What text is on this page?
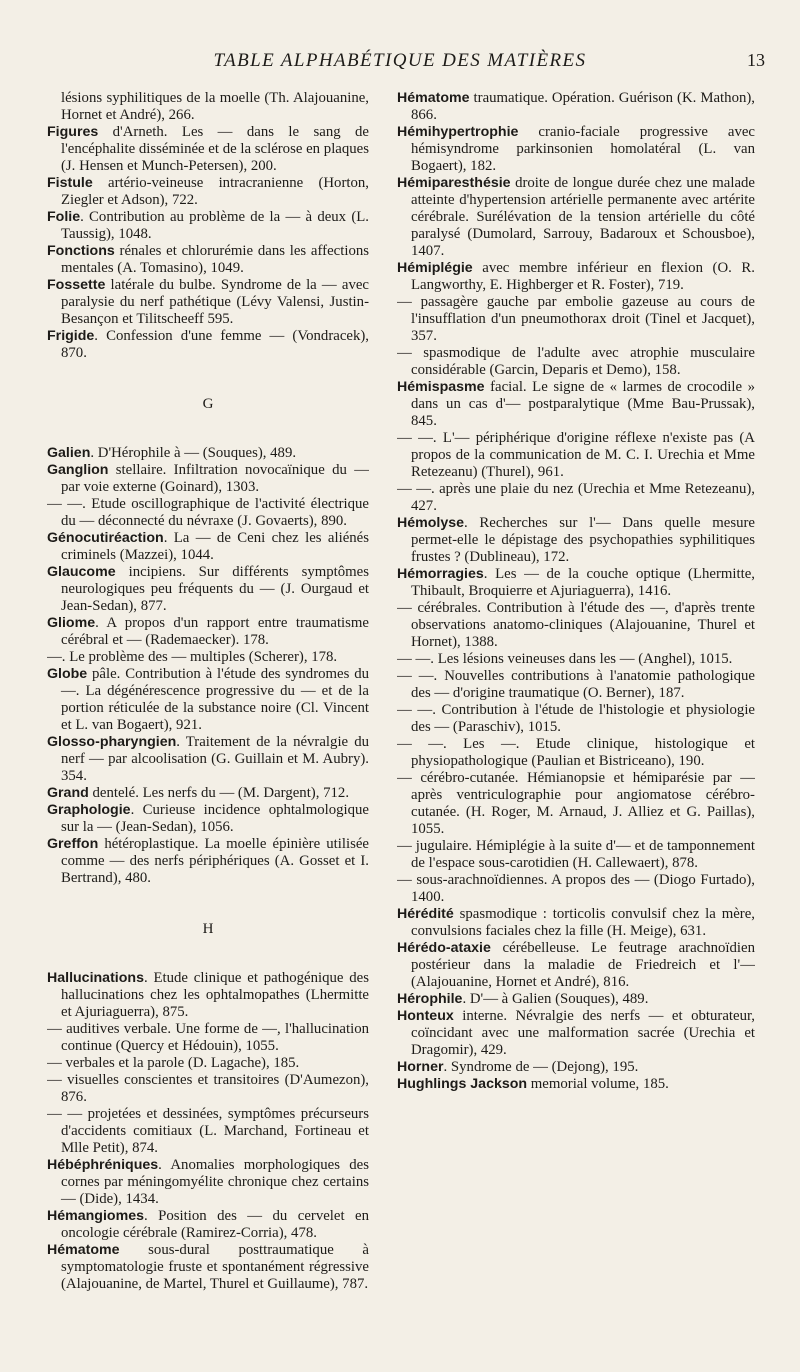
TABLE ALPHABÉTIQUE DES MATIÈRES	13

lésions syphilitiques de la moelle (Th. Alajouanine, Hornet et André), 266.

Figures d'Arneth. Les — dans le sang de l'encéphalite disséminée et de la sclérose en plaques (J. Hensen et Munch-Petersen), 200.

Fistule artério-veineuse intracranienne (Horton, Ziegler et Adson), 722.

Folie. Contribution au problème de la — à deux (L. Taussig), 1048.

Fonctions rénales et chlorurémie dans les affections mentales (A. Tomasino), 1049.

Fossette latérale du bulbe. Syndrome de la — avec paralysie du nerf pathétique (Lévy Valensi, Justin-Besançon et Tilitscheeff 595.

Frigide. Confession d'une femme — (Vondracek), 870.

G

Galien. D'Hérophile à — (Souques), 489.

Ganglion stellaire. Infiltration novocaïnique du — par voie externe (Goinard), 1303.

— —. Etude oscillographique de l'activité électrique du — déconnecté du névraxe (J. Govaerts), 890.

Génocutiréaction. La — de Ceni chez les aliénés criminels (Mazzei), 1044.

Glaucome incipiens. Sur différents symptômes neurologiques peu fréquents du — (J. Ourgaud et Jean-Sedan), 877.

Gliome. A propos d'un rapport entre traumatisme cérébral et — (Rademaecker). 178.

—. Le problème des — multiples (Scherer), 178.

Globe pâle. Contribution à l'étude des syndromes du —. La dégénérescence progressive du — et de la portion réticulée de la substance noire (Cl. Vincent et L. van Bogaert), 921.

Glosso-pharyngien. Traitement de la névralgie du nerf — par alcoolisation (G. Guillain et M. Aubry). 354.

Grand dentelé. Les nerfs du — (M. Dargent), 712.

Graphologie. Curieuse incidence ophtalmologique sur la — (Jean-Sedan), 1056.

Greffon hétéroplastique. La moelle épinière utilisée comme — des nerfs périphériques (A. Gosset et I. Bertrand), 480.

H

Hallucinations. Etude clinique et pathogénique des hallucinations chez les ophtalmopathes (Lhermitte et Ajuriaguerra), 875.

— auditives verbale. Une forme de —, l'hallucination continue (Quercy et Hédouin), 1055.

— verbales et la parole (D. Lagache), 185.

— visuelles conscientes et transitoires (D'Aumezon), 876.

— — projetées et dessinées, symptômes précurseurs d'accidents comitiaux (L. Marchand, Fortineau et Mlle Petit), 874.

Hébéphréniques. Anomalies morphologiques des cornes par méningomyélite chronique chez certains — (Dide), 1434.

Hémangiomes. Position des — du cervelet en oncologie cérébrale (Ramirez-Corria), 478.

Hématome sous-dural posttraumatique à symptomatologie fruste et spontanément régressive (Alajouanine, de Martel, Thurel et Guillaume), 787.

Hématome traumatique. Opération. Guérison (K. Mathon), 866.

Hémihypertrophie cranio-faciale progressive avec hémisyndrome parkinsonien homolatéral (L. van Bogaert), 182.

Hémiparesthésie droite de longue durée chez une malade atteinte d'hypertension artérielle permanente avec artérite cérébrale. Surélévation de la tension artérielle du côté paralysé (Dumolard, Sarrouy, Badaroux et Schousboe), 1407.

Hémiplégie avec membre inférieur en flexion (O. R. Langworthy, E. Highberger et R. Foster), 719.

— passagère gauche par embolie gazeuse au cours de l'insufflation d'un pneumothorax droit (Tinel et Jacquet), 357.

— spasmodique de l'adulte avec atrophie musculaire considérable (Garcin, Deparis et Demo), 158.

Hémispasme facial. Le signe de « larmes de crocodile » dans un cas d'— postparalytique (Mme Bau-Prussak), 845.

— —. L'— périphérique d'origine réflexe n'existe pas (A propos de la communication de M. C. I. Urechia et Mme Retezeanu) (Thurel), 961.

— —. après une plaie du nez (Urechia et Mme Retezeanu), 427.

Hémolyse. Recherches sur l'— Dans quelle mesure permet-elle le dépistage des psychopathies syphilitiques frustes ? (Dublineau), 172.

Hémorragies. Les — de la couche optique (Lhermitte, Thibault, Broquierre et Ajuriaguerra), 1416.

— cérébrales. Contribution à l'étude des —, d'après trente observations anatomo-cliniques (Alajouanine, Thurel et Hornet), 1388.

— —. Les lésions veineuses dans les — (Anghel), 1015.

— —. Nouvelles contributions à l'anatomie pathologique des — d'origine traumatique (O. Berner), 187.

— —. Contribution à l'étude de l'histologie et physiologie des — (Paraschiv), 1015.

— —. Les —. Etude clinique, histologique et physiopathologique (Paulian et Bistriceano), 190.

— cérébro-cutanée. Hémianopsie et hémiparésie par — après ventriculographie pour angiomatose cérébro-cutanée. (H. Roger, M. Arnaud, J. Alliez et G. Paillas), 1055.

— jugulaire. Hémiplégie à la suite d'— et de tamponnement de l'espace sous-carotidien (H. Callewaert), 878.

— sous-arachnoïdiennes. A propos des — (Diogo Furtado), 1400.

Hérédité spasmodique : torticolis convulsif chez la mère, convulsions faciales chez la fille (H. Meige), 631.

Hérédo-ataxie cérébelleuse. Le feutrage arachnoïdien postérieur dans la maladie de Friedreich et l'— (Alajouanine, Hornet et André), 816.

Hérophile. D'— à Galien (Souques), 489.

Honteux interne. Névralgie des nerfs — et obturateur, coïncidant avec une malformation sacrée (Urechia et Dragomir), 429.

Horner. Syndrome de — (Dejong), 195.

Hughlings Jackson memorial volume, 185.
